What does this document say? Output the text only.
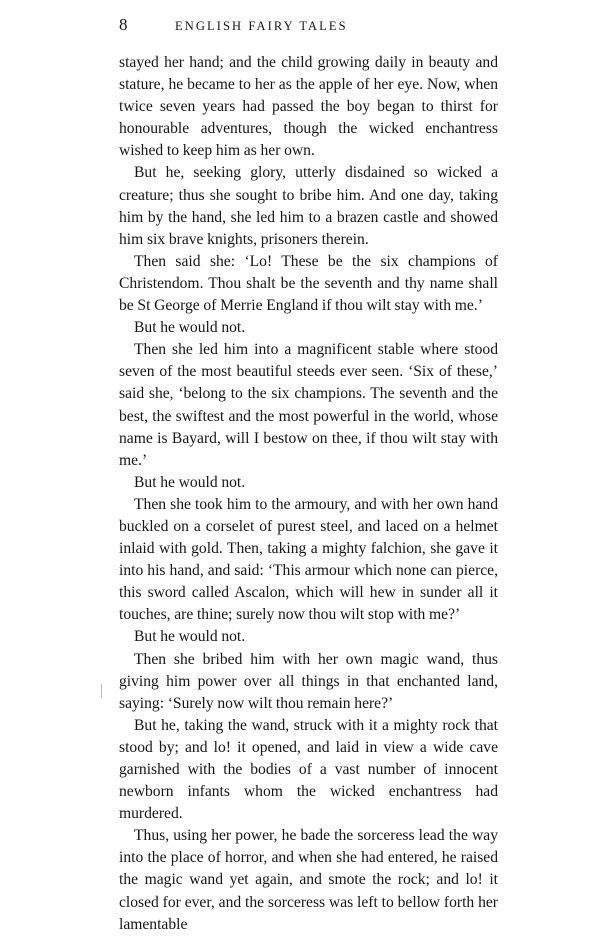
8	ENGLISH FAIRY TALES

stayed her hand; and the child growing daily in beauty and stature, he became to her as the apple of her eye. Now, when twice seven years had passed the boy began to thirst for honourable adventures, though the wicked enchantress wished to keep him as her own.

But he, seeking glory, utterly disdained so wicked a creature; thus she sought to bribe him. And one day, taking him by the hand, she led him to a brazen castle and showed him six brave knights, prisoners therein.

Then said she: ‘Lo! These be the six champions of Christendom. Thou shalt be the seventh and thy name shall be St George of Merrie England if thou wilt stay with me.’

But he would not.

Then she led him into a magnificent stable where stood seven of the most beautiful steeds ever seen. ‘Six of these,’ said she, ‘belong to the six champions. The seventh and the best, the swiftest and the most powerful in the world, whose name is Bayard, will I bestow on thee, if thou wilt stay with me.’

But he would not.

Then she took him to the armoury, and with her own hand buckled on a corselet of purest steel, and laced on a helmet inlaid with gold. Then, taking a mighty falchion, she gave it into his hand, and said: ‘This armour which none can pierce, this sword called Ascalon, which will hew in sunder all it touches, are thine; surely now thou wilt stop with me?’

But he would not.

Then she bribed him with her own magic wand, thus giving him power over all things in that enchanted land, saying: ‘Surely now wilt thou remain here?’

But he, taking the wand, struck with it a mighty rock that stood by; and lo! it opened, and laid in view a wide cave garnished with the bodies of a vast number of innocent newborn infants whom the wicked enchantress had murdered.

Thus, using her power, he bade the sorceress lead the way into the place of horror, and when she had entered, he raised the magic wand yet again, and smote the rock; and lo! it closed for ever, and the sorceress was left to bellow forth her lamentable
